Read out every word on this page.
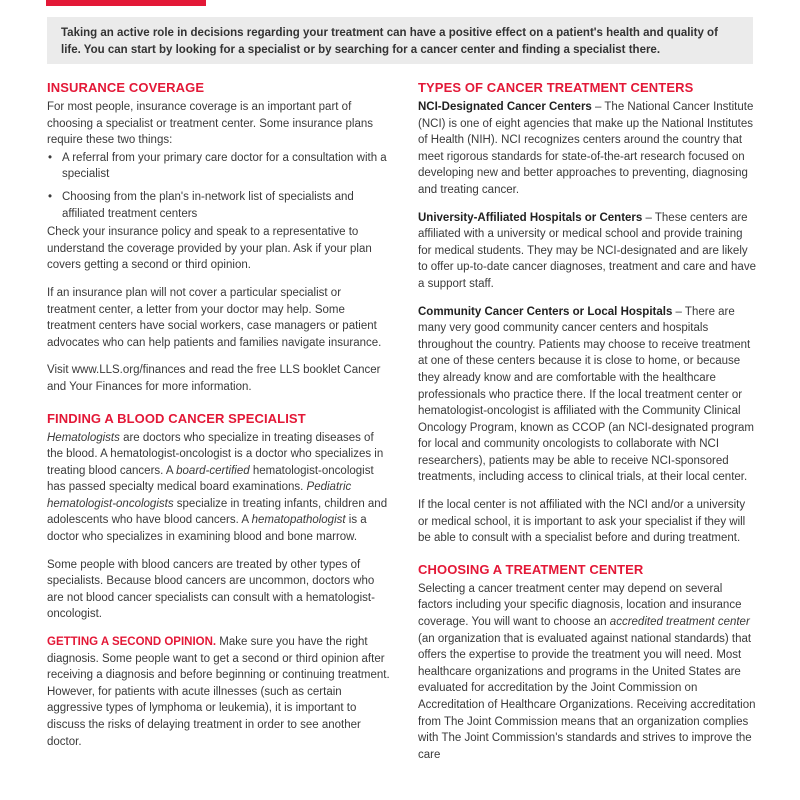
Taking an active role in decisions regarding your treatment can have a positive effect on a patient's health and quality of life. You can start by looking for a specialist or by searching for a cancer center and finding a specialist there.
INSURANCE COVERAGE

For most people, insurance coverage is an important part of choosing a specialist or treatment center. Some insurance plans require these two things:

• A referral from your primary care doctor for a consultation with a specialist
• Choosing from the plan's in-network list of specialists and affiliated treatment centers

Check your insurance policy and speak to a representative to understand the coverage provided by your plan. Ask if your plan covers getting a second or third opinion.

If an insurance plan will not cover a particular specialist or treatment center, a letter from your doctor may help. Some treatment centers have social workers, case managers or patient advocates who can help patients and families navigate insurance.

Visit www.LLS.org/finances and read the free LLS booklet Cancer and Your Finances for more information.

FINDING A BLOOD CANCER SPECIALIST

Hematologists are doctors who specialize in treating diseases of the blood. A hematologist-oncologist is a doctor who specializes in treating blood cancers. A board-certified hematologist-oncologist has passed specialty medical board examinations. Pediatric hematologist-oncologists specialize in treating infants, children and adolescents who have blood cancers. A hematopathologist is a doctor who specializes in examining blood and bone marrow.

Some people with blood cancers are treated by other types of specialists. Because blood cancers are uncommon, doctors who are not blood cancer specialists can consult with a hematologist-oncologist.

GETTING A SECOND OPINION. Make sure you have the right diagnosis. Some people want to get a second or third opinion after receiving a diagnosis and before beginning or continuing treatment. However, for patients with acute illnesses (such as certain aggressive types of lymphoma or leukemia), it is important to discuss the risks of delaying treatment in order to see another doctor.

TYPES OF CANCER TREATMENT CENTERS

NCI-Designated Cancer Centers – The National Cancer Institute (NCI) is one of eight agencies that make up the National Institutes of Health (NIH). NCI recognizes centers around the country that meet rigorous standards for state-of-the-art research focused on developing new and better approaches to preventing, diagnosing and treating cancer.

University-Affiliated Hospitals or Centers – These centers are affiliated with a university or medical school and provide training for medical students. They may be NCI-designated and are likely to offer up-to-date cancer diagnoses, treatment and care and have a support staff.

Community Cancer Centers or Local Hospitals – There are many very good community cancer centers and hospitals throughout the country. Patients may choose to receive treatment at one of these centers because it is close to home, or because they already know and are comfortable with the healthcare professionals who practice there. If the local treatment center or hematologist-oncologist is affiliated with the Community Clinical Oncology Program, known as CCOP (an NCI-designated program for local and community oncologists to collaborate with NCI researchers), patients may be able to receive NCI-sponsored treatments, including access to clinical trials, at their local center.

If the local center is not affiliated with the NCI and/or a university or medical school, it is important to ask your specialist if they will be able to consult with a specialist before and during treatment.

CHOOSING A TREATMENT CENTER

Selecting a cancer treatment center may depend on several factors including your specific diagnosis, location and insurance coverage. You will want to choose an accredited treatment center (an organization that is evaluated against national standards) that offers the expertise to provide the treatment you will need. Most healthcare organizations and programs in the United States are evaluated for accreditation by the Joint Commission on Accreditation of Healthcare Organizations. Receiving accreditation from The Joint Commission means that an organization complies with The Joint Commission's standards and strives to improve the care
